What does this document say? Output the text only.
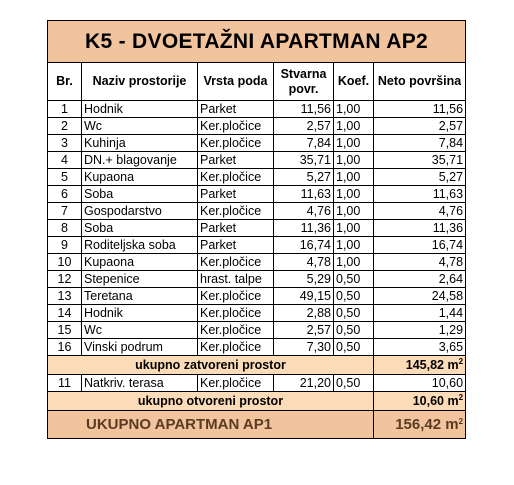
K5 - DVOETAŽNI APARTMAN AP2					
Br.	Naziv prostorije	Vrsta poda	Stvarna povr.	Koef.	Neto površina
1	Hodnik	Parket	11,56	1,00	11,56
2	Wc	Ker.pločice	2,57	1,00	2,57
3	Kuhinja	Ker.pločice	7,84	1,00	7,84
4	DN.+ blagovanje	Parket	35,71	1,00	35,71
5	Kupaona	Ker.pločice	5,27	1,00	5,27
6	Soba	Parket	11,63	1,00	11,63
7	Gospodarstvo	Ker.pločice	4,76	1,00	4,76
8	Soba	Parket	11,36	1,00	11,36
9	Roditeljska soba	Parket	16,74	1,00	16,74
10	Kupaona	Ker.pločice	4,78	1,00	4,78
12	Stepenice	hrast. talpe	5,29	0,50	2,64
13	Teretana	Ker.pločice	49,15	0,50	24,58
14	Hodnik	Ker.pločice	2,88	0,50	1,44
15	Wc	Ker.pločice	2,57	0,50	1,29
16	Vinski podrum	Ker.pločice	7,30	0,50	3,65
ukupno zatvoreni prostor					145,82 $m^2$
11	Natkriv. terasa	Ker.pločice	21,20	0,50	10,60
ukupno otvoreni prostor					10,60 $m^2$
UKUPNO APARTMAN AP1					156,42 $m^2$
